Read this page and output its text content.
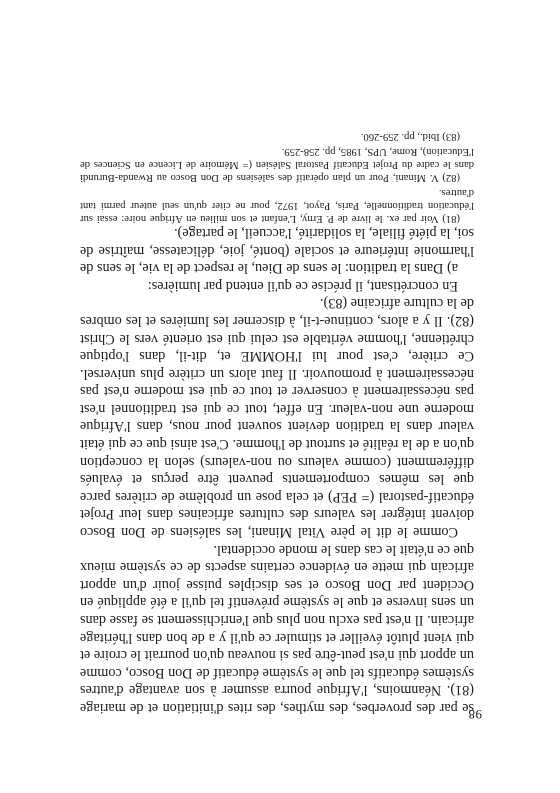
98

se par des proverbes, des mythes, des rites d'initiation et de mariage (81). Néanmoins, l'Afrique pourra assumer à son avantage d'autres systèmes éducatifs tel que le système éducatif de Don Bosco, comme un apport qui n'est peut-être pas si nouveau qu'on pourrait le croire et qui vient plutôt éveiller et stimuler ce qu'il y a de bon dans l'héritage africain. Il n'est pas exclu non plus que l'enrichissement se fasse dans un sens inverse et que le système préventif tel qu'il a été appliqué en Occident par Don Bosco et ses disciples puisse jouir d'un apport africain qui mette en évidence certains aspects de ce système mieux que ce n'était le cas dans le monde occidental.

Comme le dit le père Vital Minani, les salésiens de Don Bosco doivent intégrer les valeurs des cultures africaines dans leur Projet éducatif-pastoral (= PEP) et cela pose un problème de critères parce que les mêmes comportements peuvent être perçus et évalués différemment (comme valeurs ou non-valeurs) selon la conception qu'on a de la réalité et surtout de l'homme. C'est ainsi que ce qui était valeur dans la tradition devient souvent pour nous, dans l'Afrique moderne une non-valeur. En effet, tout ce qui est traditionnel n'est pas nécessairement à conserver et tout ce qui est moderne n'est pas nécessairement à promouvoir. Il faut alors un critère plus universel. Ce critère, c'est pour lui l'HOMME et, dit-il, dans l'optique chrétienne, l'homme véritable est celui qui est orienté vers le Christ (82). Il y a alors, continue-t-il, à discerner les lumières et les ombres de la culture africaine (83).

En concrétisant, il précise ce qu'il entend par lumières:

a) Dans la tradition: le sens de Dieu, le respect de la vie, le sens de l'harmonie intérieure et sociale (bonté, joie, délicatesse, maîtrise de soi, la piété filiale, la solidarité, l'accueil, le partage).

(81) Voir par ex. le livre de P. Erny, L'enfant et son milieu en Afrique noire: essai sur l'éducation traditionnelle, Paris, Payot, 1972, pour ne citer qu'un seul auteur parmi tant d'autres.

(82) V. Minani, Pour un plan opératif des salésiens de Don Bosco au Rwanda-Burundi dans le cadre du Projet Educatif Pastoral Salésien (= Mémoire de Licence en Sciences de l'Education), Rome, UPS, 1985, pp. 258-259.

(83) Ibid., pp. 259-260.
